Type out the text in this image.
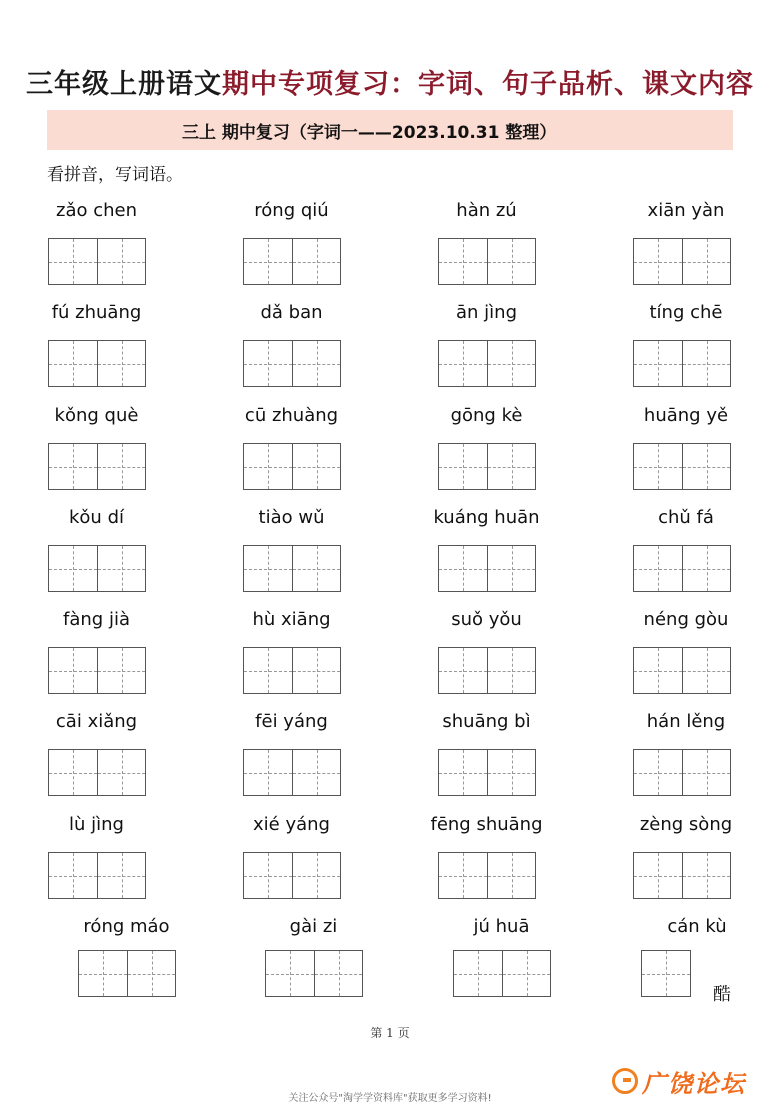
三年级上册语文期中专项复习：字词、句子品析、课文内容
三上 期中复习（字词一——2023.10.31 整理）
看拼音，写词语。
zǎo chen	róng qiú	hàn zú	xiān yàn
fú zhuāng	dǎ ban	ān jìng	tíng chē
kǒng què	cū zhuàng	gōng kè	huāng yě
kǒu dí	tiào wǔ	kuáng huān	chǔ fá
fàng jià	hù xiāng	suǒ yǒu	néng gòu
cāi xiǎng	fēi yáng	shuāng bì	hán lěng
lù jìng	xié yáng	fēng shuāng	zèng sòng
róng máo	gài zi	jú huā	cán kù
酷
第 1 页
广饶论坛
关注公众号"淘学学资料库"获取更多学习资料!
